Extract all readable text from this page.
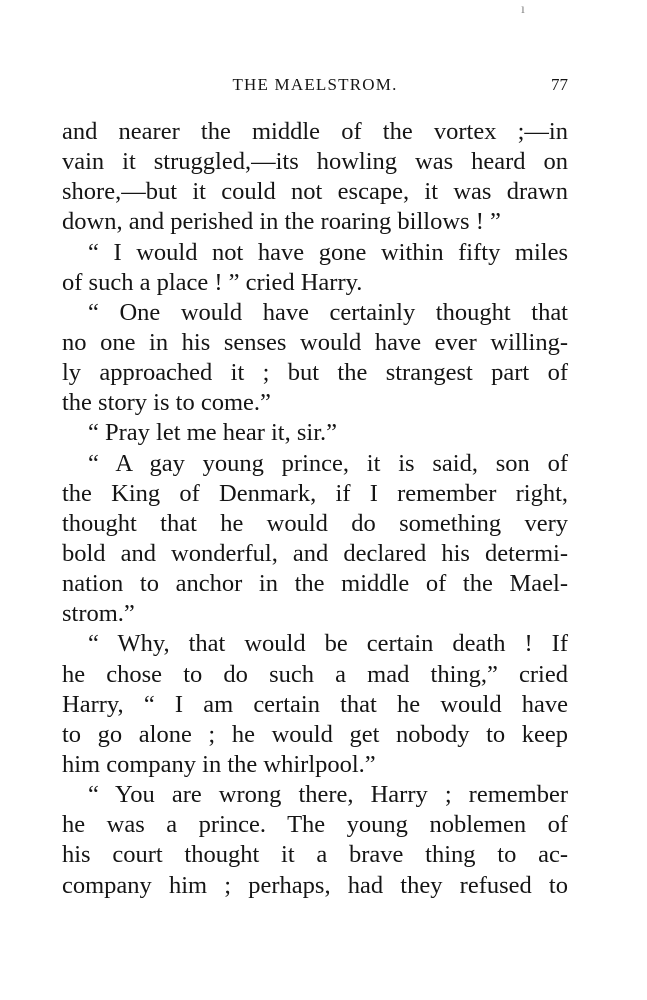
ı
THE MAELSTROM.	77
and nearer the middle of the vortex ;—in
vain it struggled,—its howling was heard on
shore,—but it could not escape, it was drawn
down, and perished in the roaring billows ! ”
“ I would not have gone within fifty miles
of such a place ! ” cried Harry.
“ One would have certainly thought that
no one in his senses would have ever willing-
ly approached it ; but the strangest part of
the story is to come.”
“ Pray let me hear it, sir.”
“ A gay young prince, it is said, son of
the King of Denmark, if I remember right,
thought that he would do something very
bold and wonderful, and declared his determi-
nation to anchor in the middle of the Mael-
strom.”
“ Why, that would be certain death ! If
he chose to do such a mad thing,” cried
Harry, “ I am certain that he would have
to go alone ; he would get nobody to keep
him company in the whirlpool.”
“ You are wrong there, Harry ; remember
he was a prince. The young noblemen of
his court thought it a brave thing to ac-
company him ; perhaps, had they refused to
